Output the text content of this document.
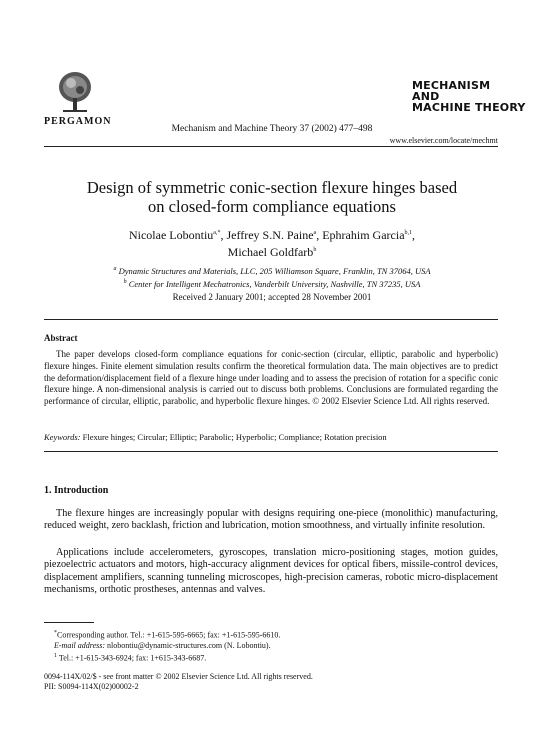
PERGAMON
Mechanism and Machine Theory 37 (2002) 477–498
MECHANISM
AND
MACHINE THEORY
www.elsevier.com/locate/mechmt
Design of symmetric conic-section flexure hinges based
on closed-form compliance equations
Nicolae Lobontiu$^{a,*}$, Jeffrey S.N. Paine$^a$, Ephrahim Garcia$^{b,1}$,
Michael Goldfarb$^b$
$^a$ Dynamic Structures and Materials, LLC, 205 Williamson Square, Franklin, TN 37064, USA
$^b$ Center for Intelligent Mechatronics, Vanderbilt University, Nashville, TN 37235, USA
Received 2 January 2001; accepted 28 November 2001
Abstract
The paper develops closed-form compliance equations for conic-section (circular, elliptic, parabolic and hyperbolic) flexure hinges. Finite element simulation results confirm the theoretical formulation data. The main objectives are to predict the deformation/displacement field of a flexure hinge under loading and to assess the precision of rotation for a specific conic flexure hinge. A non-dimensional analysis is carried out to discuss both problems. Conclusions are formulated regarding the performance of circular, elliptic, parabolic, and hyperbolic flexure hinges. © 2002 Elsevier Science Ltd. All rights reserved.
Keywords: Flexure hinges; Circular; Elliptic; Parabolic; Hyperbolic; Compliance; Rotation precision
1. Introduction
The flexure hinges are increasingly popular with designs requiring one-piece (monolithic) manufacturing, reduced weight, zero backlash, friction and lubrication, motion smoothness, and virtually infinite resolution.
Applications include accelerometers, gyroscopes, translation micro-positioning stages, motion guides, piezoelectric actuators and motors, high-accuracy alignment devices for optical fibers, missile-control devices, displacement amplifiers, scanning tunneling microscopes, high-precision cameras, robotic micro-displacement mechanisms, orthotic prostheses, antennas and valves.
*Corresponding author. Tel.: +1-615-595-6665; fax: +1-615-595-6610.
E-mail address: nlobontiu@dynamic-structures.com (N. Lobontiu).
$^1$ Tel.: +1-615-343-6924; fax: 1+615-343-6687.
0094-114X/02/$ - see front matter © 2002 Elsevier Science Ltd. All rights reserved.
PII: S0094-114X(02)00002-2
